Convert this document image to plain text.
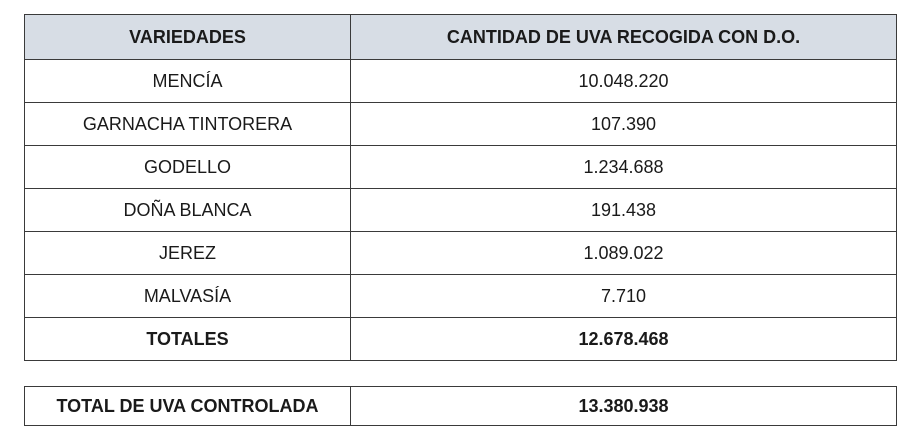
VARIEDADES	CANTIDAD DE UVA RECOGIDA CON D.O.
MENCÍA	10.048.220
GARNACHA TINTORERA	107.390
GODELLO	1.234.688
DOÑA BLANCA	191.438
JEREZ	1.089.022
MALVASÍA	7.710
TOTALES	12.678.468
TOTAL DE UVA CONTROLADA	13.380.938
